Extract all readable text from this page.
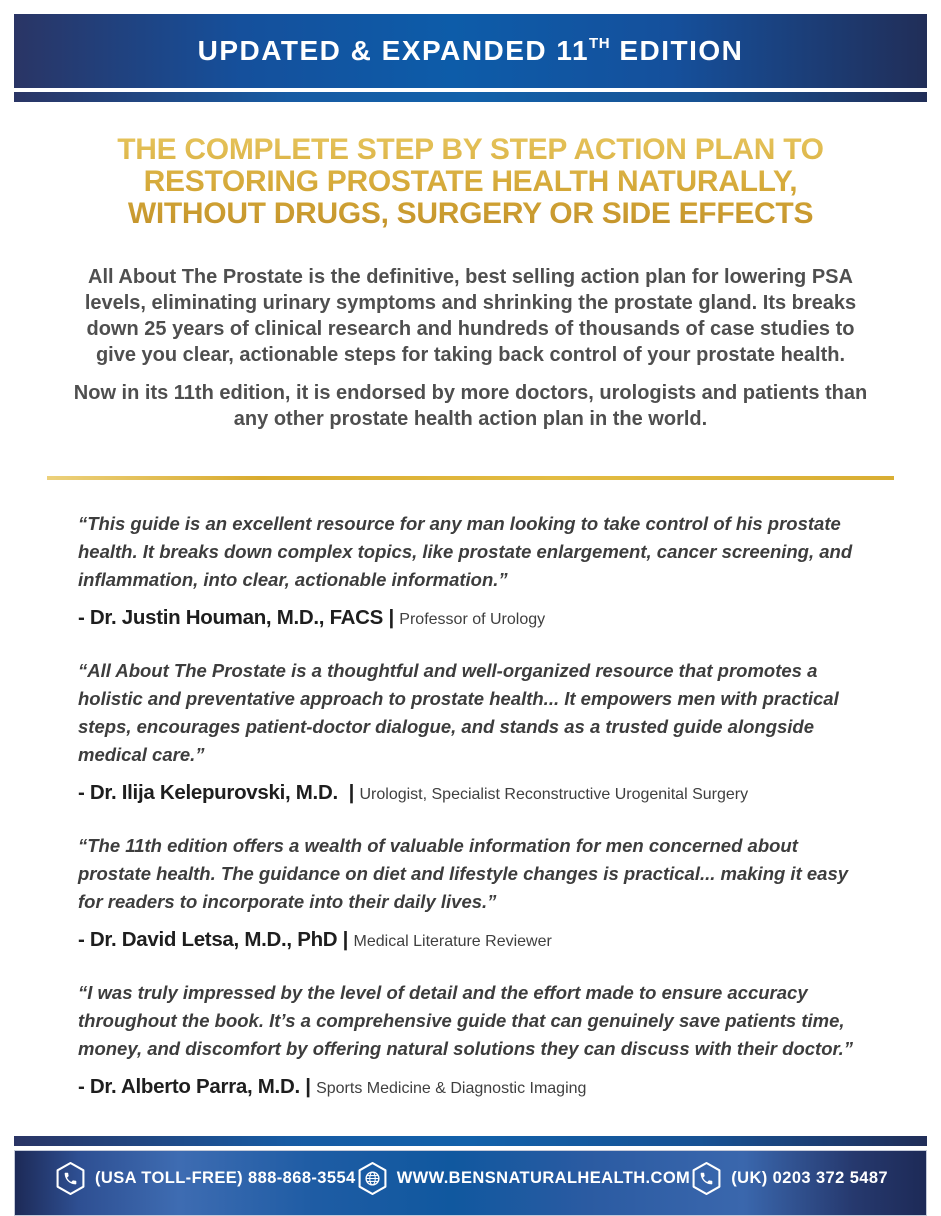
UPDATED & EXPANDED 11TH EDITION
THE COMPLETE STEP BY STEP ACTION PLAN TO
RESTORING PROSTATE HEALTH NATURALLY,
WITHOUT DRUGS, SURGERY OR SIDE EFFECTS

All About The Prostate is the definitive, best selling action plan for lowering PSA levels, eliminating urinary symptoms and shrinking the prostate gland. Its breaks down 25 years of clinical research and hundreds of thousands of case studies to give you clear, actionable steps for taking back control of your prostate health.

Now in its 11th edition, it is endorsed by more doctors, urologists and patients than any other prostate health action plan in the world.

“This guide is an excellent resource for any man looking to take control of his prostate health. It breaks down complex topics, like prostate enlargement, cancer screening, and inflammation, into clear, actionable information.”

- Dr. Justin Houman, M.D., FACS | Professor of Urology

“All About The Prostate is a thoughtful and well-organized resource that promotes a holistic and preventative approach to prostate health... It empowers men with practical steps, encourages patient-doctor dialogue, and stands as a trusted guide alongside medical care.”

- Dr. Ilija Kelepurovski, M.D.  | Urologist, Specialist Reconstructive Urogenital Surgery

“The 11th edition offers a wealth of valuable information for men concerned about prostate health. The guidance on diet and lifestyle changes is practical... making it easy for readers to incorporate into their daily lives.”

- Dr. David Letsa, M.D., PhD | Medical Literature Reviewer

“I was truly impressed by the level of detail and the effort made to ensure accuracy throughout the book. It’s a comprehensive guide that can genuinely save patients time, money, and discomfort by offering natural solutions they can discuss with their doctor.”

- Dr. Alberto Parra, M.D. | Sports Medicine & Diagnostic Imaging

(USA TOLL-FREE) 888-868-3554 WWW.BENSNATURALHEALTH.COM (UK) 0203 372 5487
